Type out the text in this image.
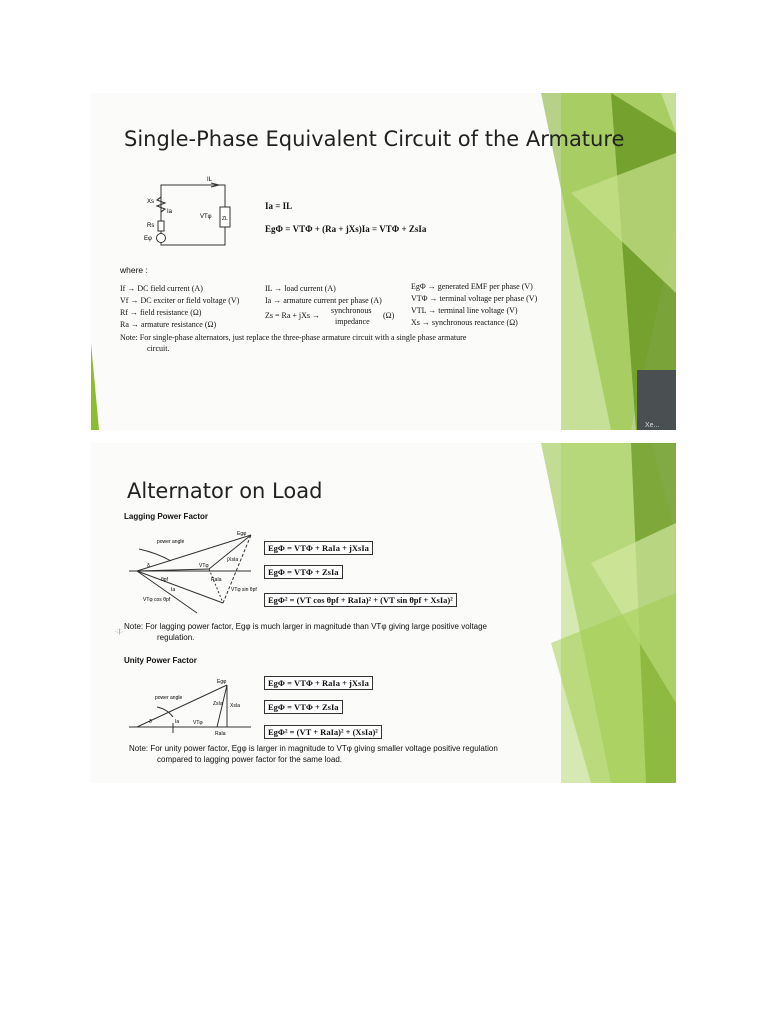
Single-Phase Equivalent Circuit of the Armature
Xs
Rs
Eφ
Ia
IL
VTφ ZL
Ia = IL
EgΦ = VTΦ + (Ra + jXs)Ia = VTΦ + ZsIa
where :
If → DC field current (A)
Vf → DC exciter or field voltage (V)
Rf → field resistance (Ω)
Ra → armature resistance (Ω)
IL → load current (A)
Ia → armature current per phase (A)
Zs = Ra + jXs →
synchronous
impedance
(Ω)
EgΦ → generated EMF per phase (V)
VTΦ → terminal voltage per phase (V)
VTL → terminal line voltage (V)
Xs → synchronous reactance (Ω)
Note: For single-phase alternators, just replace the three-phase armature circuit with a single phase armature
circuit.
Xe...
Alternator on Load
Lagging Power Factor
power angle
Egφ
VTφ
θpf
Ia
VTφ cos θpf
jXsIa
RaIa
VTφ sin θpf
δ
EgΦ = VTΦ + RaIa + jXsIa
EgΦ = VTΦ + ZsIa
EgΦ² = (VT cos θpf + RaIa)² + (VT sin θpf + XsIa)²
Note: For lagging power factor, Egφ is much larger in magnitude than VTφ giving large positive voltage
regulation.
·:|:·
Unity Power Factor
power angle
Egφ
ZsIa XsIa
δ	Ia	VTφ
RaIa
EgΦ = VTΦ + RaIa + jXsIa
EgΦ = VTΦ + ZsIa
EgΦ² = (VT + RaIa)² + (XsIa)²
Note: For unity power factor, Egφ is larger in magnitude to VTφ giving smaller voltage positive regulation
compared to lagging power factor for the same load.
